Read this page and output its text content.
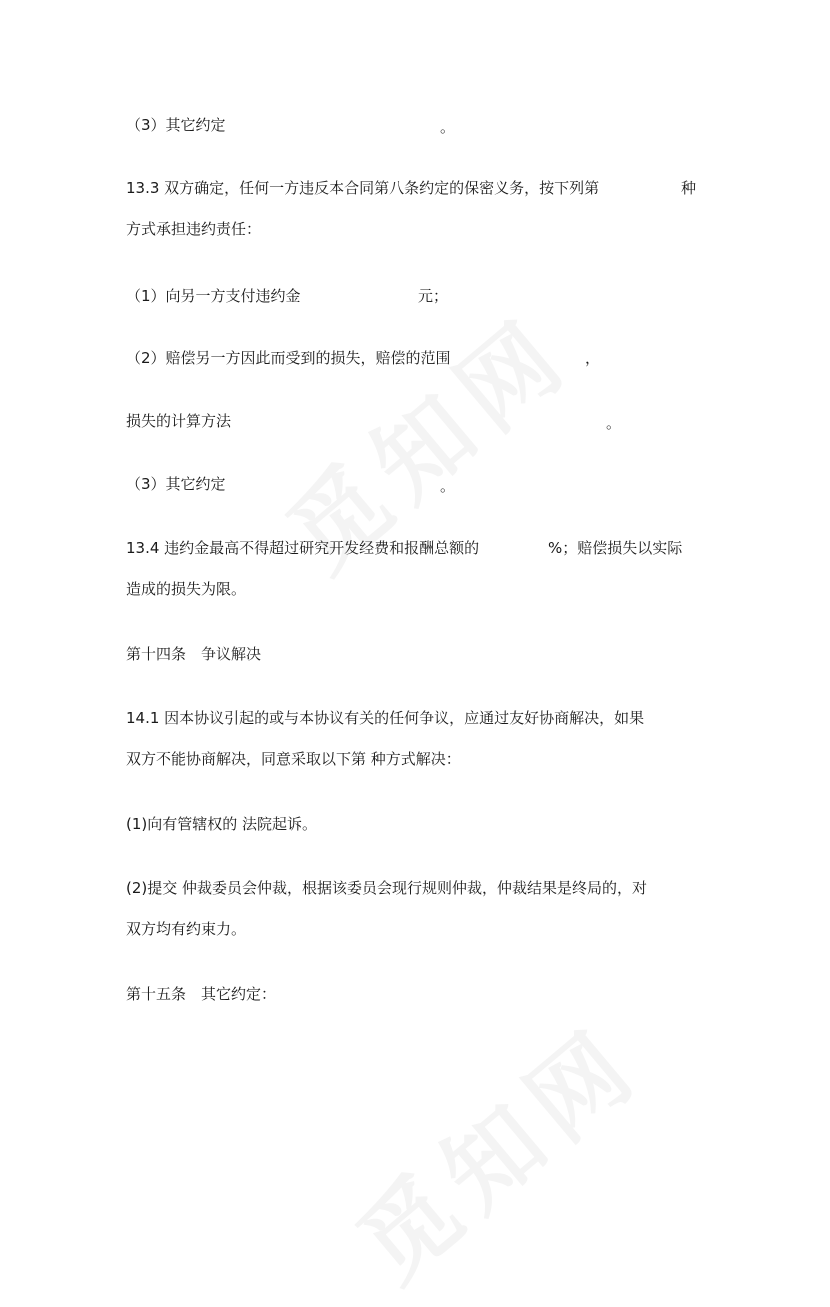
（3）其它约定	。
13.3 双方确定，任何一方违反本合同第八条约定的保密义务，按下列第	种
方式承担违约责任：
（1）向另一方支付违约金	元；
（2）赔偿另一方因此而受到的损失，赔偿的范围	，
损失的计算方法	。
（3）其它约定	。
13.4 违约金最高不得超过研究开发经费和报酬总额的	%；赔偿损失以实际
造成的损失为限。
第十四条　争议解决
14.1 因本协议引起的或与本协议有关的任何争议，应通过友好协商解决，如果
双方不能协商解决，同意采取以下第 种方式解决：
(1)向有管辖权的 法院起诉。
(2)提交 仲裁委员会仲裁，根据该委员会现行规则仲裁，仲裁结果是终局的，对
双方均有约束力。
第十五条　其它约定：
